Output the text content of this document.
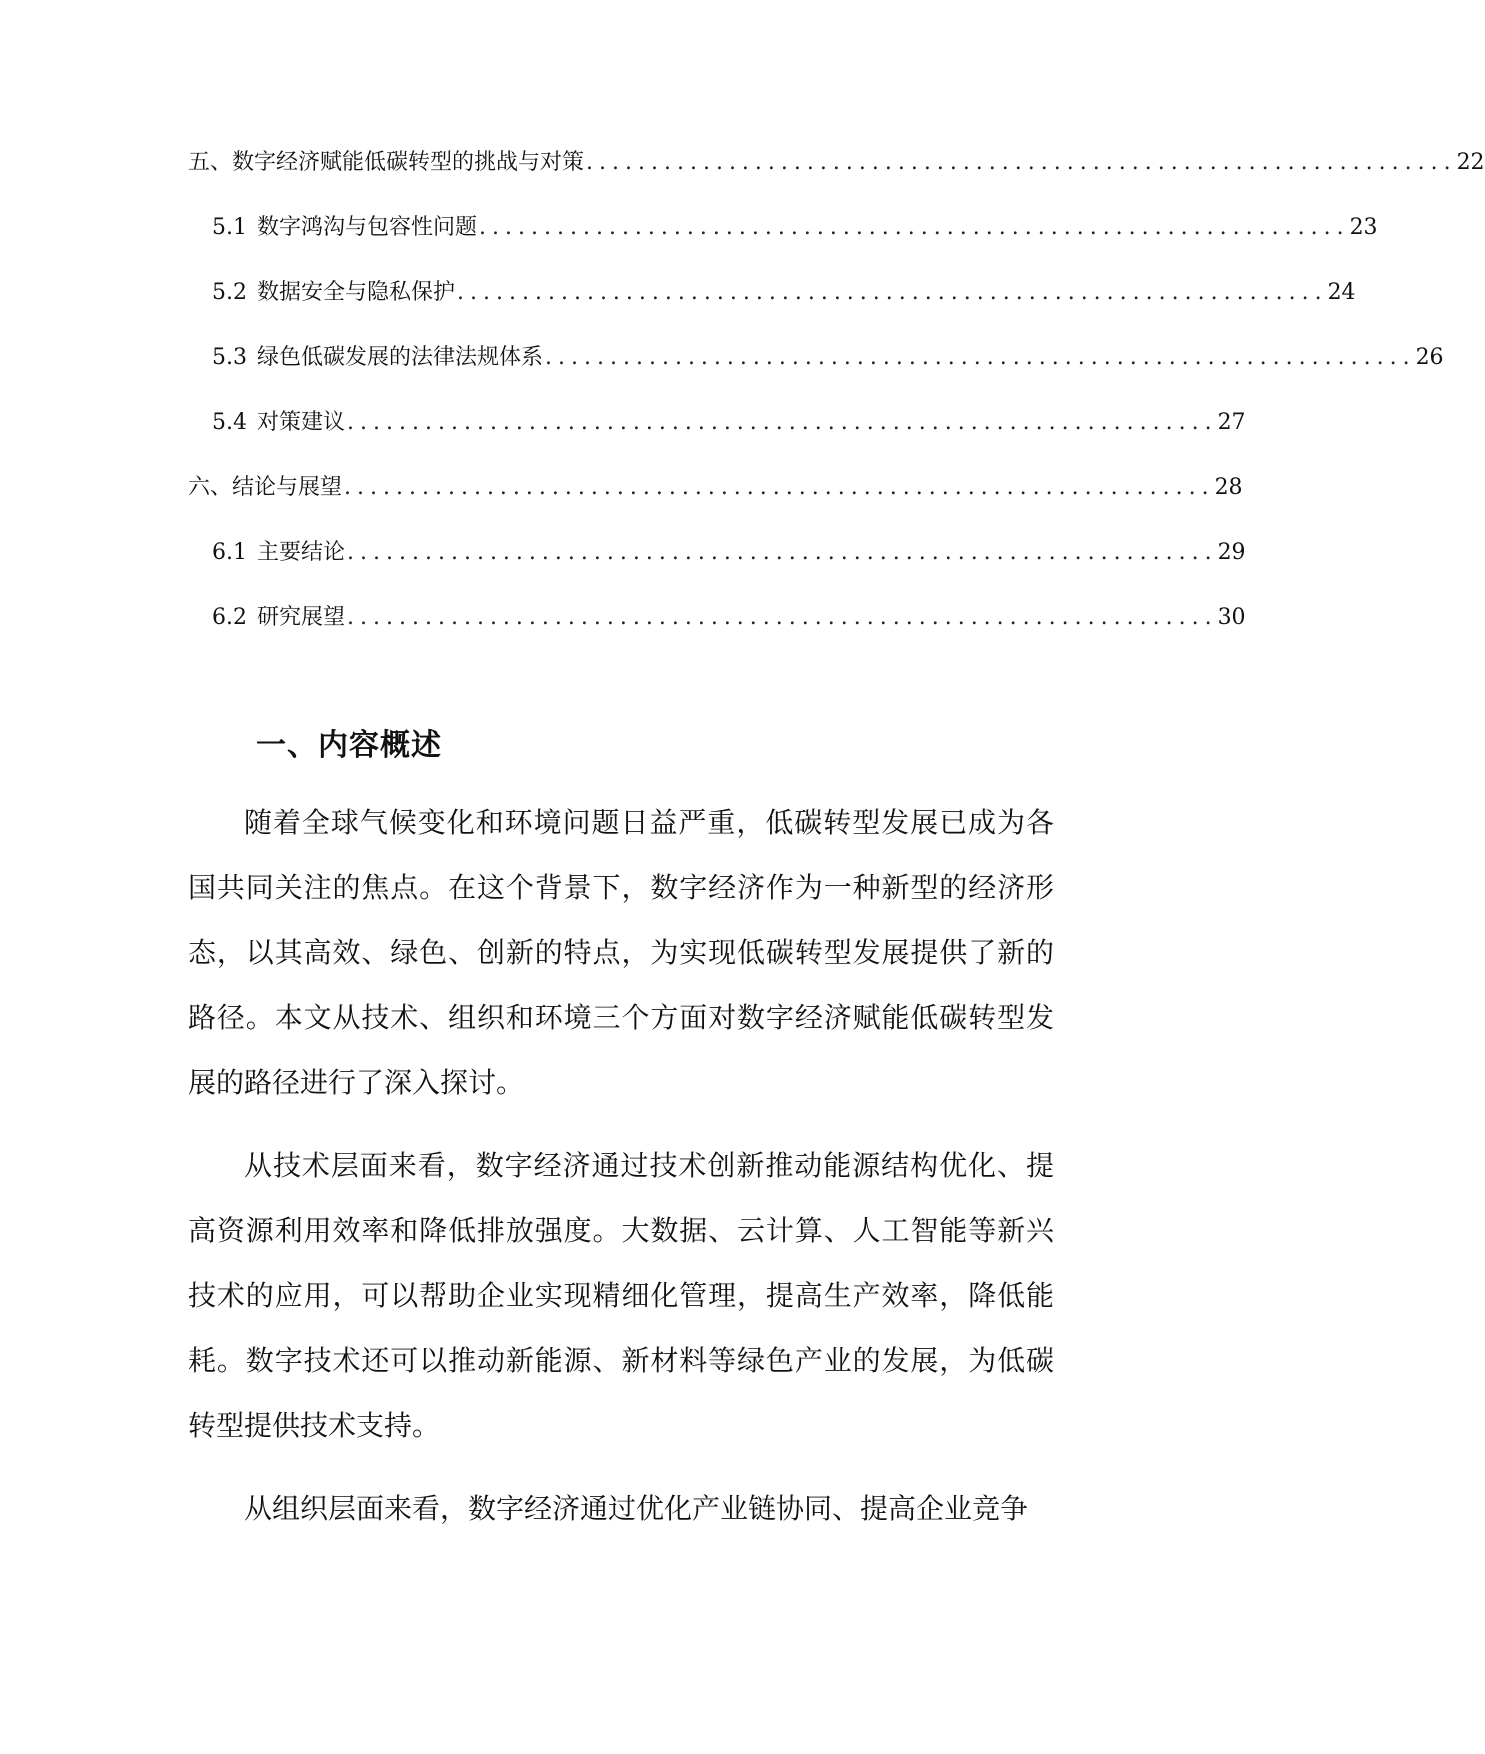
五、数字经济赋能低碳转型的挑战与对策 ................................................................... 22
5.1 数字鸿沟与包容性问题 ................................................................... 23
5.2 数据安全与隐私保护 ................................................................... 24
5.3 绿色低碳发展的法律法规体系 ................................................................... 26
5.4 对策建议 ................................................................... 27
六、结论与展望 ................................................................... 28
6.1 主要结论 ................................................................... 29
6.2 研究展望 ................................................................... 30
一、内容概述

随着全球气候变化和环境问题日益严重，低碳转型发展已成为各国共同关注的焦点。在这个背景下，数字经济作为一种新型的经济形态，以其高效、绿色、创新的特点，为实现低碳转型发展提供了新的路径。本文从技术、组织和环境三个方面对数字经济赋能低碳转型发展的路径进行了深入探讨。

从技术层面来看，数字经济通过技术创新推动能源结构优化、提高资源利用效率和降低排放强度。大数据、云计算、人工智能等新兴技术的应用，可以帮助企业实现精细化管理，提高生产效率，降低能耗。数字技术还可以推动新能源、新材料等绿色产业的发展，为低碳转型提供技术支持。

从组织层面来看，数字经济通过优化产业链协同、提高企业竞争
